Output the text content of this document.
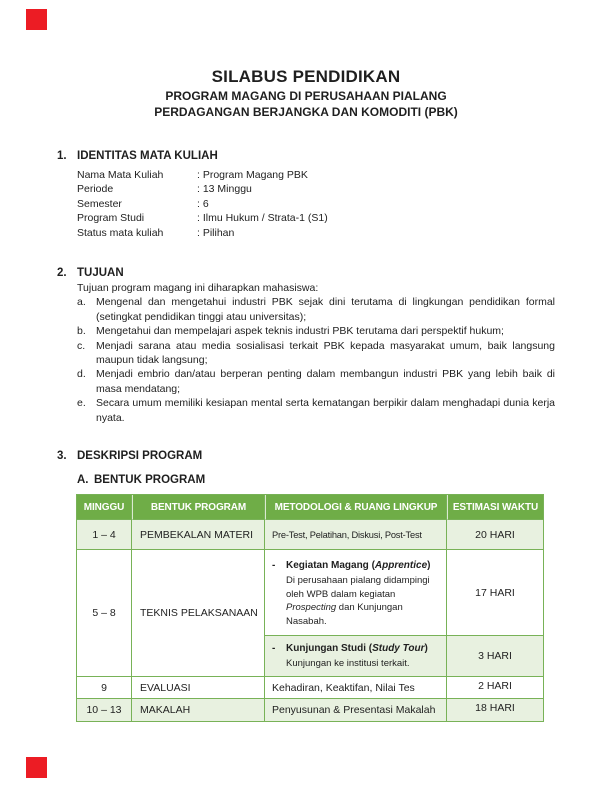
SILABUS PENDIDIKAN
PROGRAM MAGANG DI PERUSAHAAN PIALANG
PERDAGANGAN BERJANGKA DAN KOMODITI (PBK)
1. IDENTITAS MATA KULIAH
Nama Mata Kuliah	: Program Magang PBK
Periode	: 13 Minggu
Semester	: 6
Program Studi	: Ilmu Hukum / Strata-1 (S1)
Status mata kuliah	: Pilihan
2. TUJUAN
Tujuan program magang ini diharapkan mahasiswa:
a. Mengenal dan mengetahui industri PBK sejak dini terutama di lingkungan pendidikan formal (setingkat pendidikan tinggi atau universitas);
b. Mengetahui dan mempelajari aspek teknis industri PBK terutama dari perspektif hukum;
c.	Menjadi sarana atau media sosialisasi terkait PBK kepada masyarakat umum, baik langsung maupun tidak langsung;
d. Menjadi embrio dan/atau berperan penting dalam membangun industri PBK yang lebih baik di masa mendatang;
e. Secara umum memiliki kesiapan mental serta kematangan berpikir dalam menghadapi dunia kerja nyata.
3. DESKRIPSI PROGRAM
A. BENTUK PROGRAM
MINGGU	BENTUK PROGRAM	METODOLOGI & RUANG LINGKUP	ESTIMASI WAKTU
1 – 4	PEMBEKALAN MATERI	Pre-Test, Pelatihan, Diskusi, Post-Test	20 HARI
5 – 8	TEKNIS PELAKSANAAN	- Kegiatan Magang (Apprentice)
Di perusahaan pialang didampingi oleh WPB dalam kegiatan Prospecting dan Kunjungan Nasabah.	17 HARI

		- Kunjungan Studi (Study Tour)
Kunjungan ke institusi terkait.	3 HARI
9	EVALUASI	Kehadiran, Keaktifan, Nilai Tes	2 HARI
10 – 13	MAKALAH	Penyusunan & Presentasi Makalah	18 HARI
